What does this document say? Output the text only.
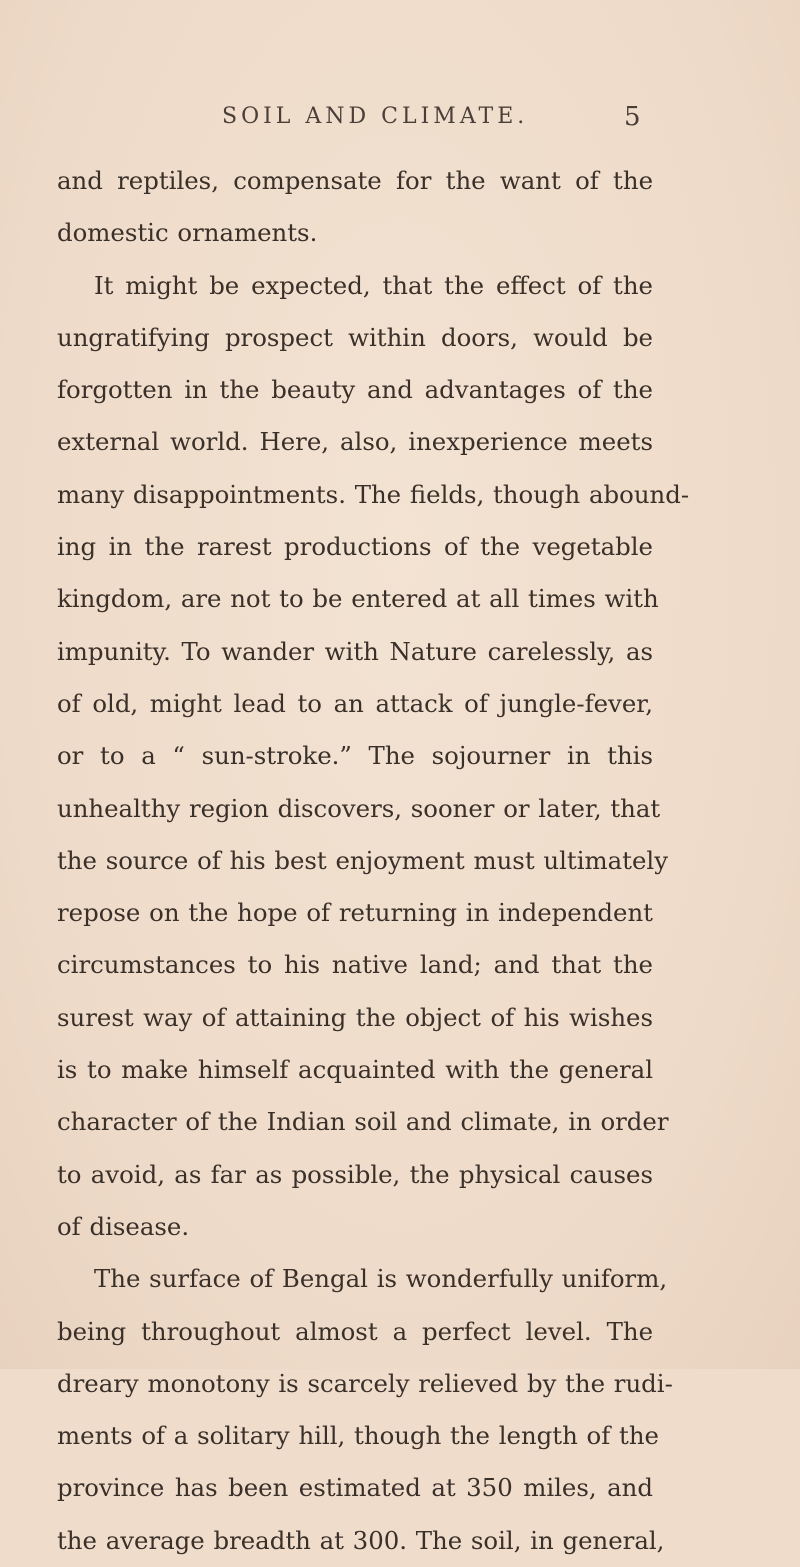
SOIL AND CLIMATE.	5
and reptiles, compensate for the want of the
domestic ornaments.
It might be expected, that the effect of the
ungratifying prospect within doors, would be
forgotten in the beauty and advantages of the
external world. Here, also, inexperience meets
many disappointments. The fields, though abound-
ing in the rarest productions of the vegetable
kingdom, are not to be entered at all times with
impunity. To wander with Nature carelessly, as
of old, might lead to an attack of jungle-fever,
or to a “ sun-stroke.” The sojourner in this
unhealthy region discovers, sooner or later, that
the source of his best enjoyment must ultimately
repose on the hope of returning in independent
circumstances to his native land; and that the
surest way of attaining the object of his wishes
is to make himself acquainted with the general
character of the Indian soil and climate, in order
to avoid, as far as possible, the physical causes
of disease.
The surface of Bengal is wonderfully uniform,
being throughout almost a perfect level. The
dreary monotony is scarcely relieved by the rudi-
ments of a solitary hill, though the length of the
province has been estimated at 350 miles, and
the average breadth at 300. The soil, in general,
